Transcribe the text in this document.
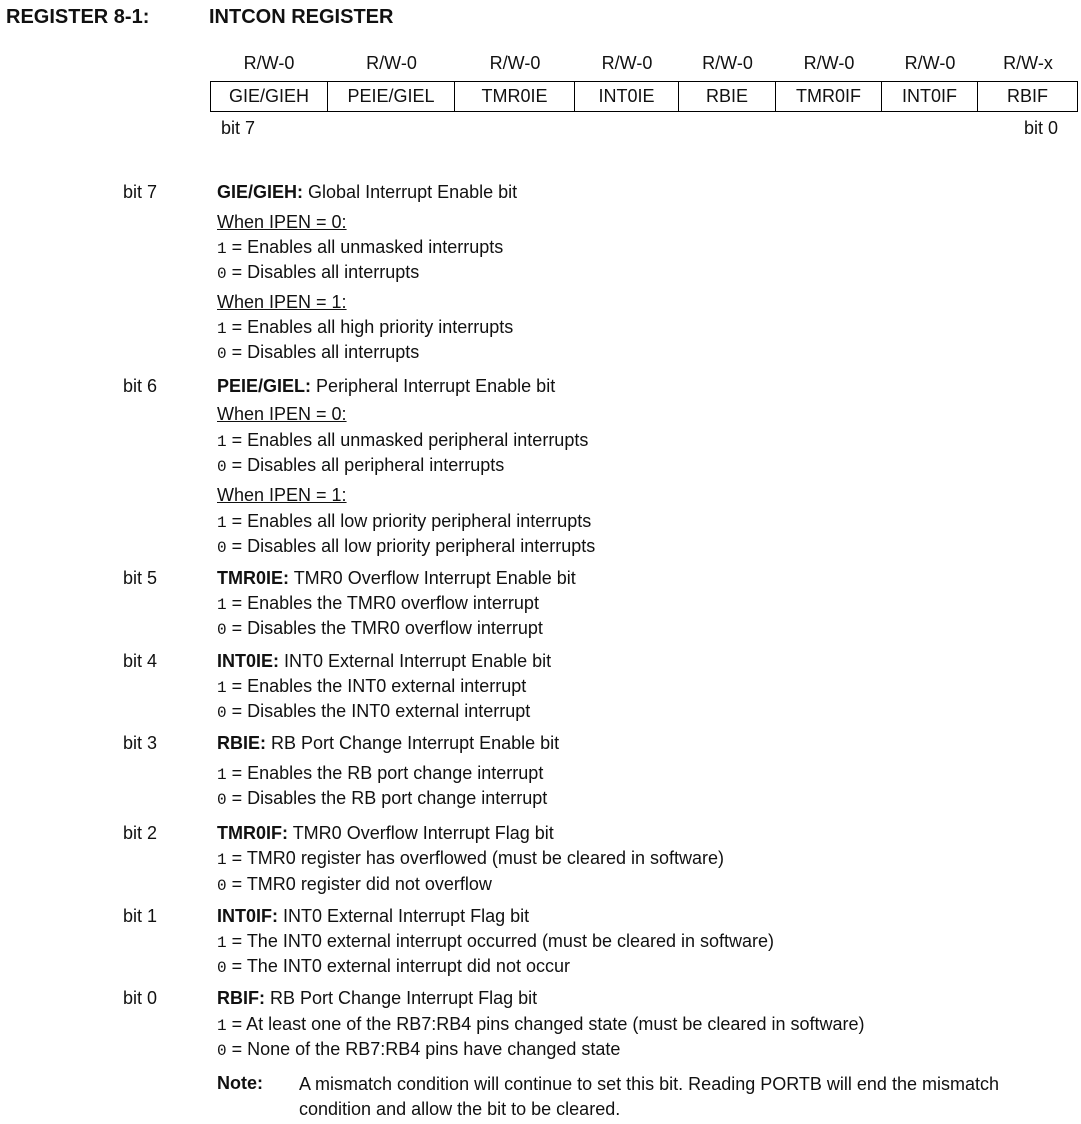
REGISTER 8-1:	INTCON REGISTER
R/W-0	R/W-0	R/W-0	R/W-0	R/W-0	R/W-0	R/W-0	R/W-x
GIE/GIEH	PEIE/GIEL	TMR0IE	INT0IE	RBIE	TMR0IF	INT0IF	RBIF
bit 7	bit 0
bit 7	GIE/GIEH: Global Interrupt Enable bit
When IPEN = 0:
1 = Enables all unmasked interrupts
0 = Disables all interrupts
When IPEN = 1:
1 = Enables all high priority interrupts
0 = Disables all interrupts
bit 6	PEIE/GIEL: Peripheral Interrupt Enable bit
When IPEN = 0:
1 = Enables all unmasked peripheral interrupts
0 = Disables all peripheral interrupts
When IPEN = 1:
1 = Enables all low priority peripheral interrupts
0 = Disables all low priority peripheral interrupts
bit 5	TMR0IE: TMR0 Overflow Interrupt Enable bit
1 = Enables the TMR0 overflow interrupt
0 = Disables the TMR0 overflow interrupt
bit 4	INT0IE: INT0 External Interrupt Enable bit
1 = Enables the INT0 external interrupt
0 = Disables the INT0 external interrupt
bit 3	RBIE: RB Port Change Interrupt Enable bit
1 = Enables the RB port change interrupt
0 = Disables the RB port change interrupt
bit 2	TMR0IF: TMR0 Overflow Interrupt Flag bit
1 = TMR0 register has overflowed (must be cleared in software)
0 = TMR0 register did not overflow
bit 1	INT0IF: INT0 External Interrupt Flag bit
1 = The INT0 external interrupt occurred (must be cleared in software)
0 = The INT0 external interrupt did not occur
bit 0	RBIF: RB Port Change Interrupt Flag bit
1 = At least one of the RB7:RB4 pins changed state (must be cleared in software)
0 = None of the RB7:RB4 pins have changed state
Note: A mismatch condition will continue to set this bit. Reading PORTB will end the mismatch condition and allow the bit to be cleared.
